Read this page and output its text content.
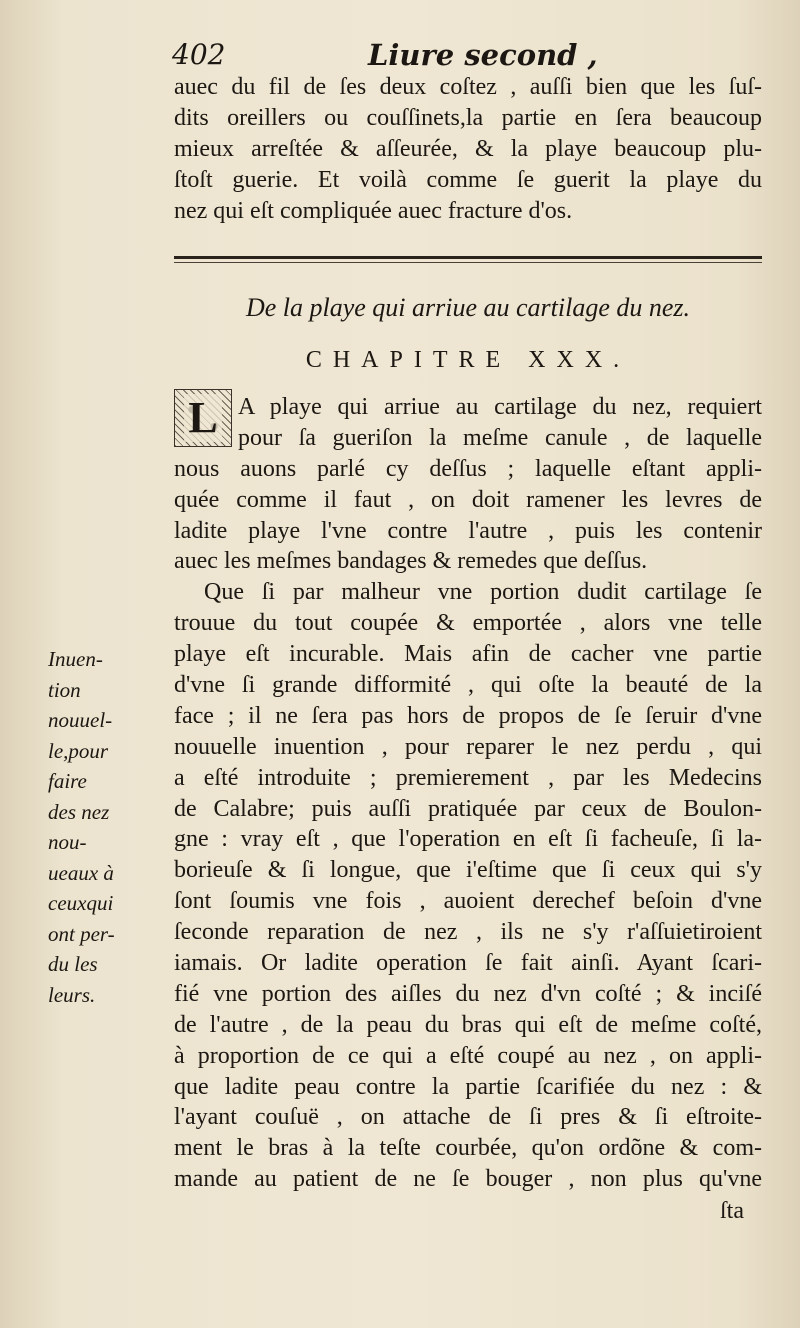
402	Liure second ,
auec du fil de ſes deux coſtez , auſſi bien que les ſuſ-
dits oreillers ou couſſinets,la partie en ſera beaucoup
mieux arreſtée & aſſeurée, & la playe beaucoup plu-
ſtoſt guerie. Et voilà comme ſe guerit la playe du
nez qui eſt compliquée auec fracture d'os.
De la playe qui arriue au cartilage du nez.
CHAPITRE XXX.
L A playe qui arriue au cartilage du nez, requiert
pour ſa gueriſon la meſme canule , de laquelle
nous auons parlé cy deſſus ; laquelle eſtant appli-
quée comme il faut , on doit ramener les levres de
ladite playe l'vne contre l'autre , puis les contenir
auec les meſmes bandages & remedes que deſſus.
Que ſi par malheur vne portion dudit cartilage ſe
trouue du tout coupée & emportée , alors vne telle
playe eſt incurable. Mais afin de cacher vne partie
d'vne ſi grande difformité , qui oſte la beauté de la
face ; il ne ſera pas hors de propos de ſe ſeruir d'vne
nouuelle inuention , pour reparer le nez perdu , qui
a eſté introduite ; premierement , par les Medecins
de Calabre; puis auſſi pratiquée par ceux de Boulon-
gne : vray eſt , que l'operation en eſt ſi facheuſe, ſi la-
borieuſe & ſi longue, que i'eſtime que ſi ceux qui s'y
ſont ſoumis vne fois , auoient derechef beſoin d'vne
ſeconde reparation de nez , ils ne s'y r'aſſuietiroient
iamais. Or ladite operation ſe fait ainſi. Ayant ſcari-
fié vne portion des aiſles du nez d'vn coſté ; & inciſé
de l'autre , de la peau du bras qui eſt de meſme coſté,
à proportion de ce qui a eſté coupé au nez , on appli-
que ladite peau contre la partie ſcarifiée du nez : &
l'ayant couſuë , on attache de ſi pres & ſi eſtroite-
ment le bras à la teſte courbée, qu'on ordõne & com-
mande au patient de ne ſe bouger , non plus qu'vne
Inuen-
tion
nouuel-
le,pour
faire
des nez
nou-
ueaux à
ceuxqui
ont per-
du les
leurs.
ſta
